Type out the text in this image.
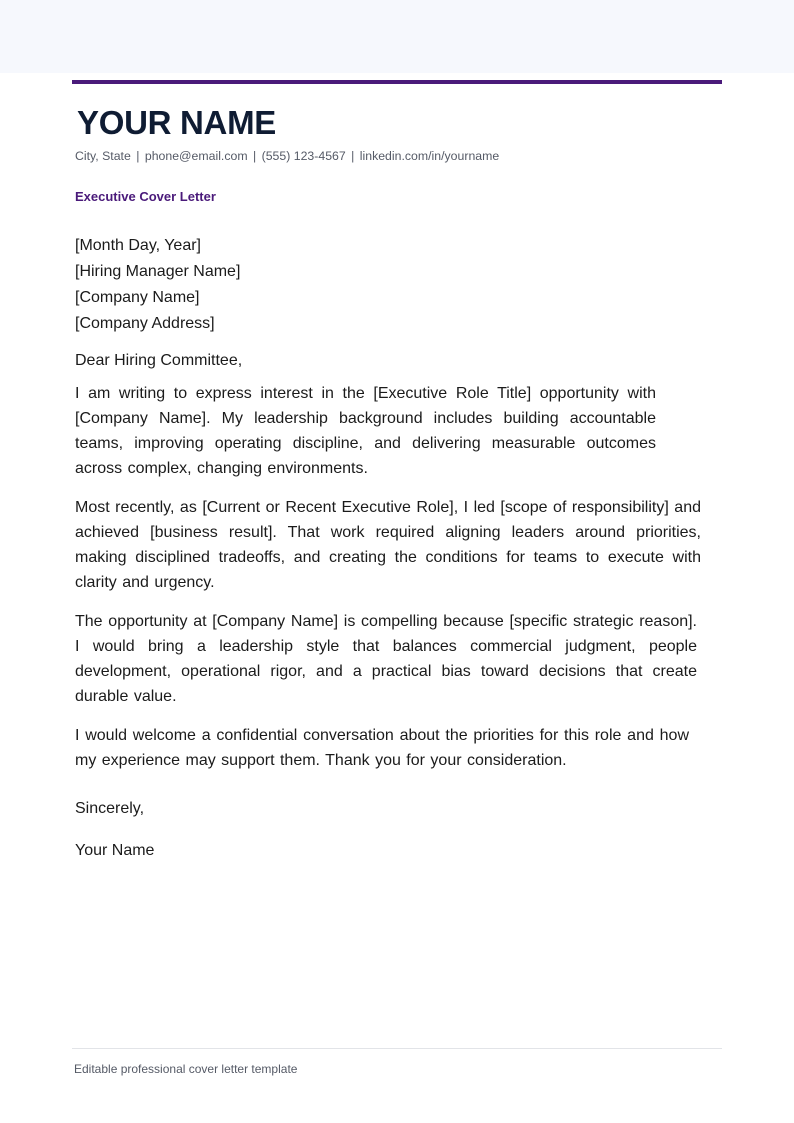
YOUR NAME
City, State | phone@email.com | (555) 123-4567 | linkedin.com/in/yourname
Executive Cover Letter
[Month Day, Year]
[Hiring Manager Name]
[Company Name]
[Company Address]
Dear Hiring Committee,

I am writing to express interest in the [Executive Role Title] opportunity with [Company Name]. My leadership background includes building accountable teams, improving operating discipline, and delivering measurable outcomes across complex, changing environments.

Most recently, as [Current or Recent Executive Role], I led [scope of responsibility] and achieved [business result]. That work required aligning leaders around priorities, making disciplined tradeoffs, and creating the conditions for teams to execute with clarity and urgency.

The opportunity at [Company Name] is compelling because [specific strategic reason]. I would bring a leadership style that balances commercial judgment, people development, operational rigor, and a practical bias toward decisions that create durable value.

I would welcome a confidential conversation about the priorities for this role and how my experience may support them. Thank you for your consideration.

Sincerely,
Your Name
Editable professional cover letter template
